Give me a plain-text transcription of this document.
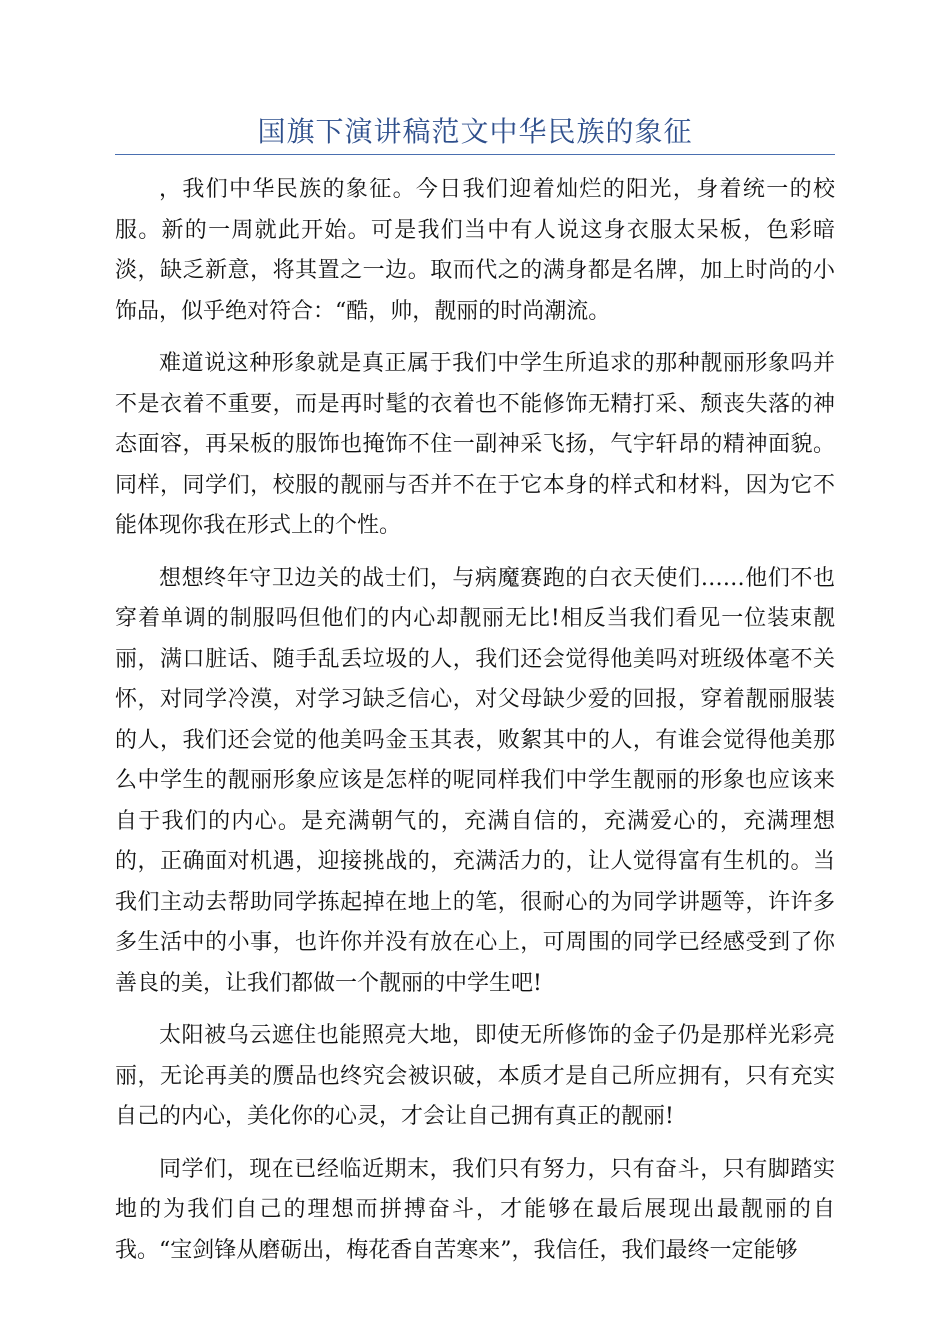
国旗下演讲稿范文中华民族的象征
，我们中华民族的象征。今日我们迎着灿烂的阳光，身着统一的校
服。新的一周就此开始。可是我们当中有人说这身衣服太呆板，色彩暗
淡，缺乏新意，将其置之一边。取而代之的满身都是名牌，加上时尚的小
饰品，似乎绝对符合：“酷，帅，靓丽的时尚潮流。
难道说这种形象就是真正属于我们中学生所追求的那种靓丽形象吗并
不是衣着不重要，而是再时髦的衣着也不能修饰无精打采、颓丧失落的神
态面容，再呆板的服饰也掩饰不住一副神采飞扬，气宇轩昂的精神面貌。
同样，同学们，校服的靓丽与否并不在于它本身的样式和材料，因为它不
能体现你我在形式上的个性。
想想终年守卫边关的战士们，与病魔赛跑的白衣天使们……他们不也
穿着单调的制服吗但他们的内心却靓丽无比!相反当我们看见一位装束靓
丽，满口脏话、随手乱丢垃圾的人，我们还会觉得他美吗对班级体毫不关
怀，对同学冷漠，对学习缺乏信心，对父母缺少爱的回报，穿着靓丽服装
的人，我们还会觉的他美吗金玉其表，败絮其中的人，有谁会觉得他美那
么中学生的靓丽形象应该是怎样的呢同样我们中学生靓丽的形象也应该来
自于我们的内心。是充满朝气的，充满自信的，充满爱心的，充满理想
的，正确面对机遇，迎接挑战的，充满活力的，让人觉得富有生机的。当
我们主动去帮助同学拣起掉在地上的笔，很耐心的为同学讲题等，许许多
多生活中的小事，也许你并没有放在心上，可周围的同学已经感受到了你
善良的美，让我们都做一个靓丽的中学生吧!
太阳被乌云遮住也能照亮大地，即使无所修饰的金子仍是那样光彩亮
丽，无论再美的赝品也终究会被识破，本质才是自己所应拥有，只有充实
自己的内心，美化你的心灵，才会让自己拥有真正的靓丽!
同学们，现在已经临近期末，我们只有努力，只有奋斗，只有脚踏实
地的为我们自己的理想而拼搏奋斗，才能够在最后展现出最靓丽的自
我。“宝剑锋从磨砺出，梅花香自苦寒来”，我信任，我们最终一定能够
